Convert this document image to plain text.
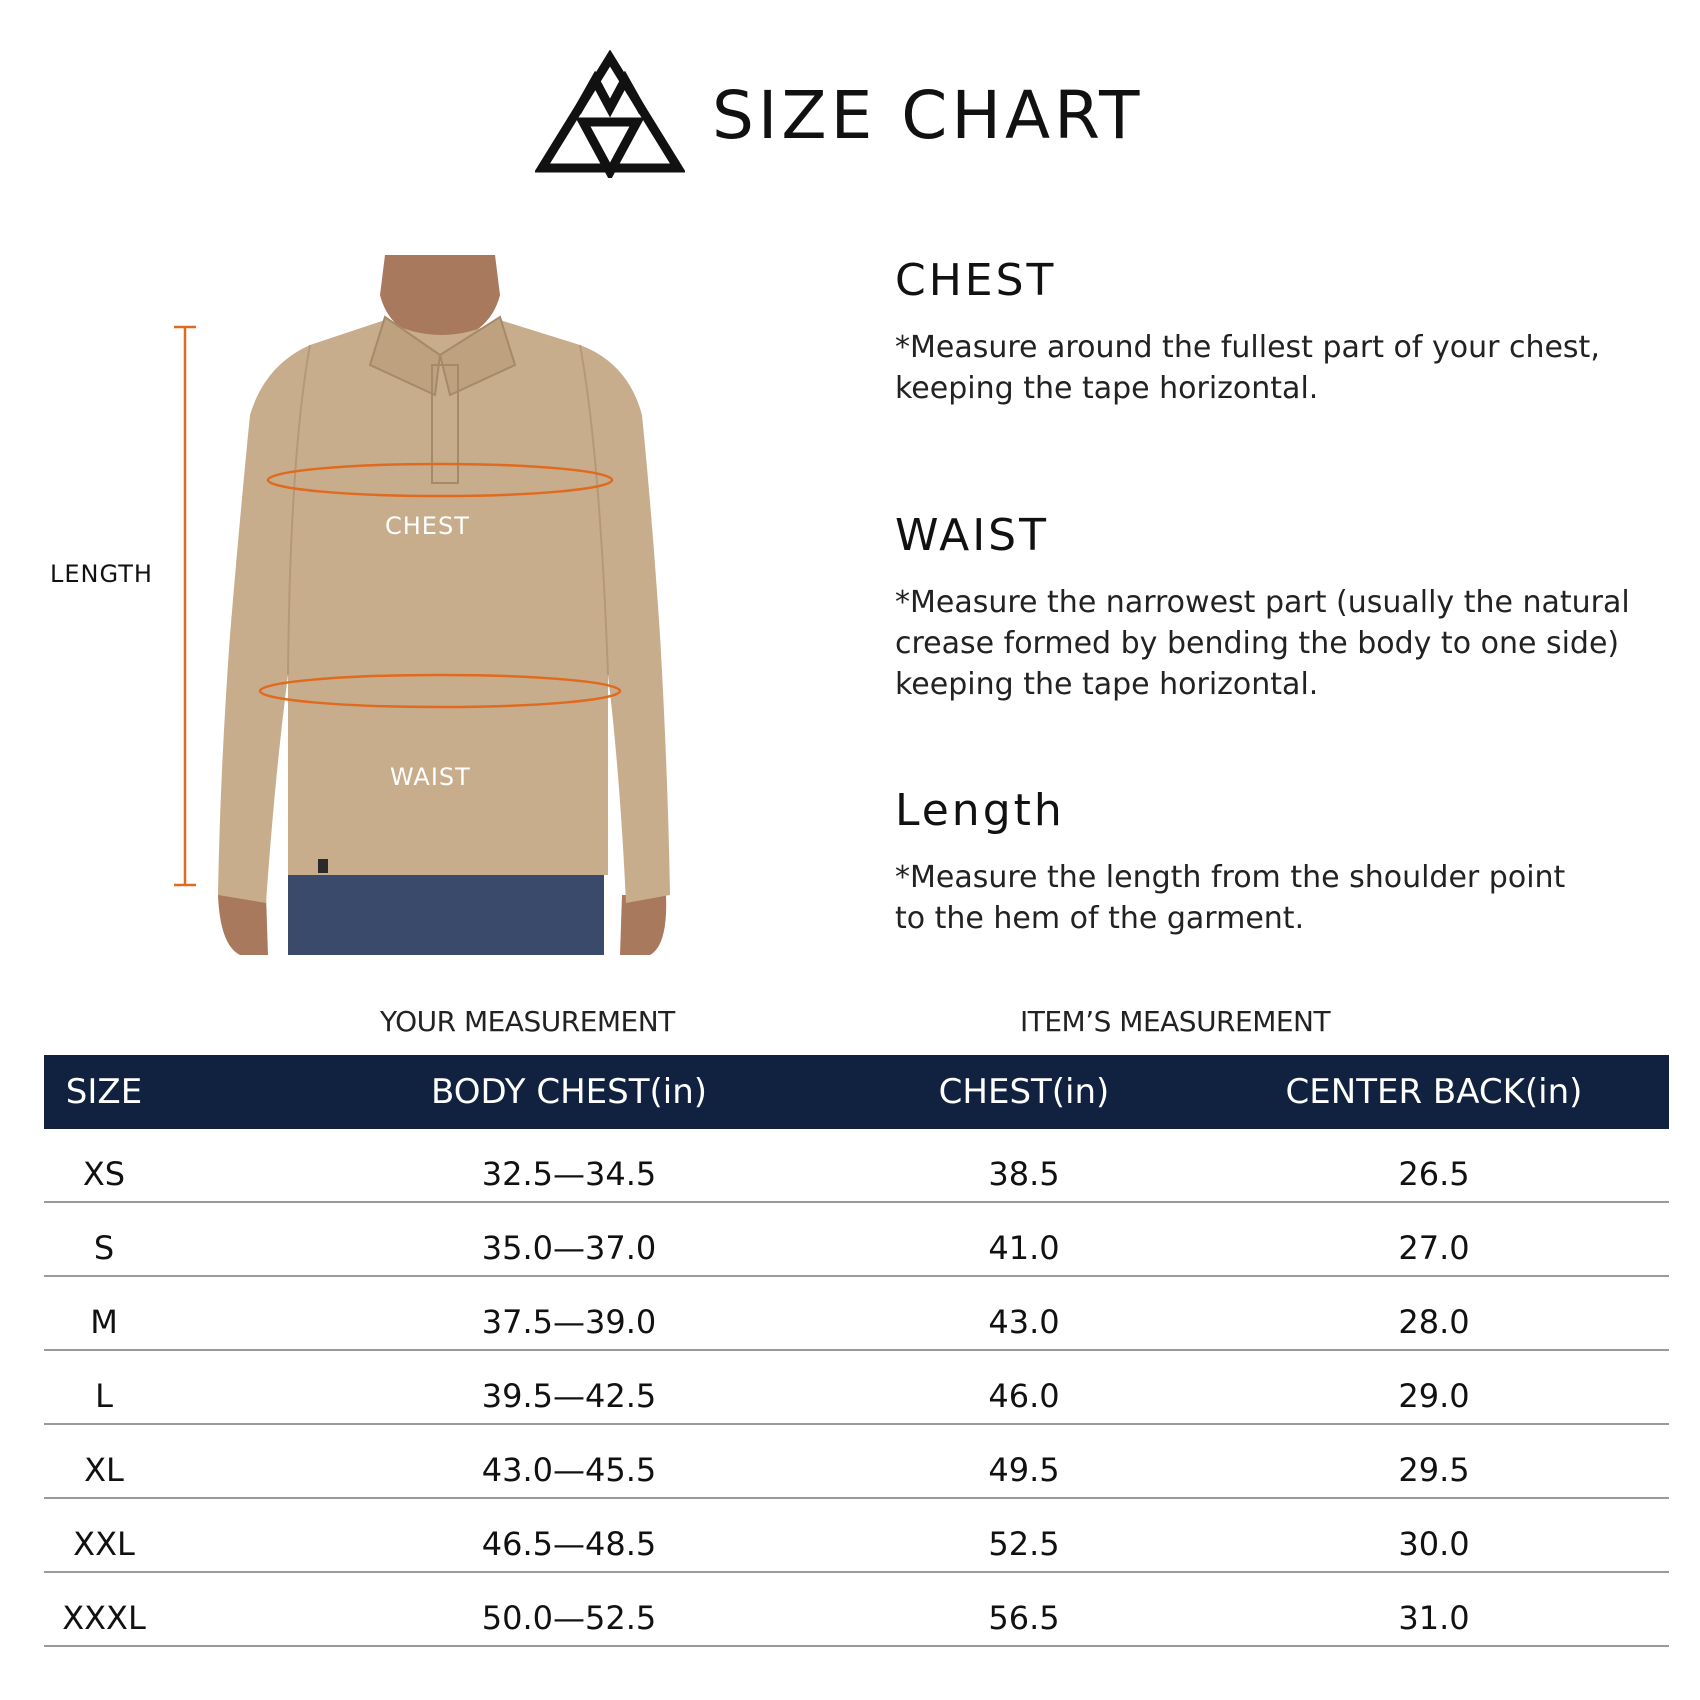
SIZE CHART
LENGTH
CHEST
WAIST
CHEST
*Measure around the fullest part of your chest,
keeping the tape horizontal.
WAIST
*Measure the narrowest part (usually the natural
crease formed by bending the body to one side)
keeping the tape horizontal.
Length
*Measure the length from the shoulder point
to the hem of the garment.
YOUR MEASUREMENT	ITEM’S MEASUREMENT
SIZE	BODY CHEST(in)	CHEST(in)	CENTER BACK(in)
XS	32.5—34.5	38.5	26.5
S	35.0—37.0	41.0	27.0
M	37.5—39.0	43.0	28.0
L	39.5—42.5	46.0	29.0
XL	43.0—45.5	49.5	29.5
XXL	46.5—48.5	52.5	30.0
XXXL	50.0—52.5	56.5	31.0
